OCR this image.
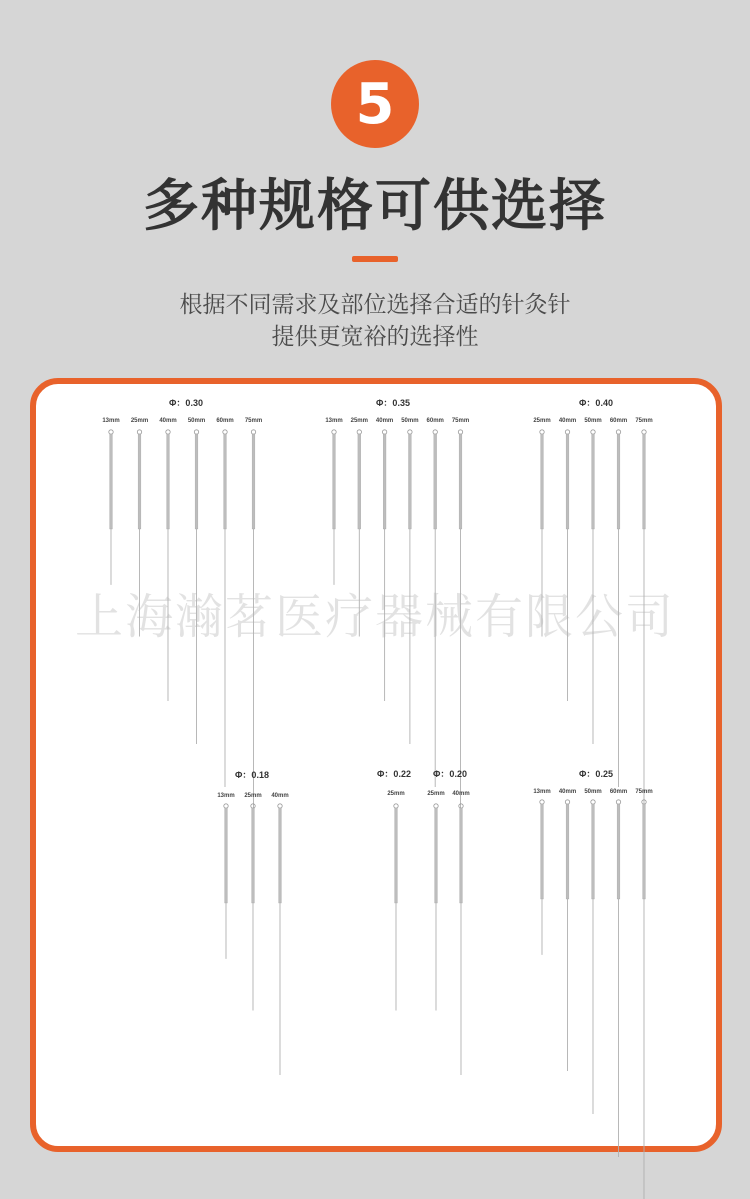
5
多种规格可供选择
根据不同需求及部位选择合适的针灸针
提供更宽裕的选择性
Φ：0.30
13mm 25mm 40mm 50mm 60mm 75mm
Φ：0.35
13mm 25mm 40mm 50mm 60mm 75mm
Φ：0.40
25mm 40mm 50mm 60mm 75mm
Φ：0.18
13mm 25mm 40mm
Φ：0.22
25mm
Φ：0.20
25mm 40mm
Φ：0.25
13mm 40mm 50mm 60mm 75mm
上海瀚茗医疗器械有限公司
